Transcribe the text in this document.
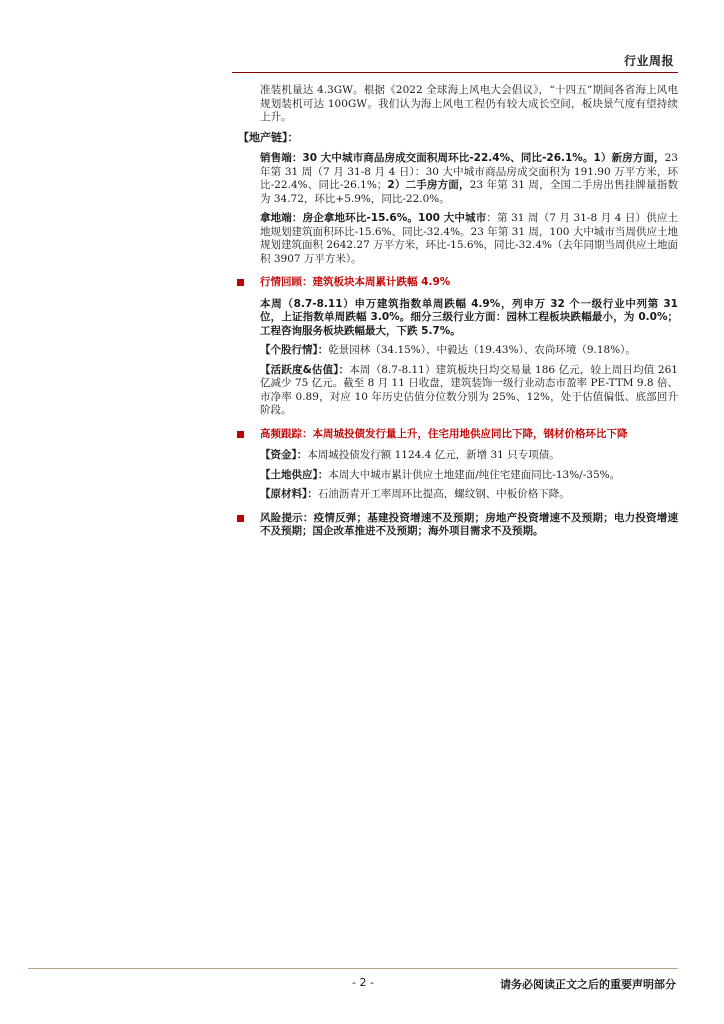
行业周报

准装机量达 4.3GW。根据《2022 全球海上风电大会倡议》，“十四五”期间各省海上风电规划装机可达 100GW。我们认为海上风电工程仍有较大成长空间，板块景气度有望持续上升。

【地产链】：

销售端：30 大中城市商品房成交面积周环比-22.4%、同比-26.1%。1）新房方面，23 年第 31 周（7 月 31-8 月 4 日）：30 大中城市商品房成交面积为 191.90 万平方米，环比-22.4%、同比-26.1%；2）二手房方面，23 年第 31 周，全国二手房出售挂牌量指数为 34.72，环比+5.9%，同比-22.0%。

拿地端：房企拿地环比-15.6%。100 大中城市：第 31 周（7 月 31-8 月 4 日）供应土地规划建筑面积环比-15.6%、同比-32.4%。23 年第 31 周，100 大中城市当周供应土地规划建筑面积 2642.27 万平方米，环比-15.6%，同比-32.4%（去年同期当周供应土地面积 3907 万平方米）。

行情回顾：建筑板块本周累计跌幅 4.9%

本周（8.7-8.11）申万建筑指数单周跌幅 4.9%，列申万 32 个一级行业中列第 31 位，上证指数单周跌幅 3.0%。细分三级行业方面：园林工程板块跌幅最小，为 0.0%；工程咨询服务板块跌幅最大，下跌 5.7%。

【个股行情】：乾景园林（34.15%）、中毅达（19.43%）、农尚环境（9.18%）。

【活跃度&估值】：本周（8.7-8.11）建筑板块日均交易量 186 亿元，较上周日均值 261 亿减少 75 亿元。截至 8 月 11 日收盘，建筑装饰一级行业动态市盈率 PE-TTM 9.8 倍、市净率 0.89，对应 10 年历史估值分位数分别为 25%、12%，处于估值偏低、底部回升阶段。

高频跟踪：本周城投债发行量上升，住宅用地供应同比下降，钢材价格环比下降

【资金】：本周城投债发行额 1124.4 亿元，新增 31 只专项债。

【土地供应】：本周大中城市累计供应土地建面/纯住宅建面同比-13%/-35%。

【原材料】：石油沥青开工率周环比提高，螺纹钢、中板价格下降。

风险提示：疫情反弹；基建投资增速不及预期；房地产投资增速不及预期；电力投资增速不及预期；国企改革推进不及预期；海外项目需求不及预期。
- 2 -	请务必阅读正文之后的重要声明部分
